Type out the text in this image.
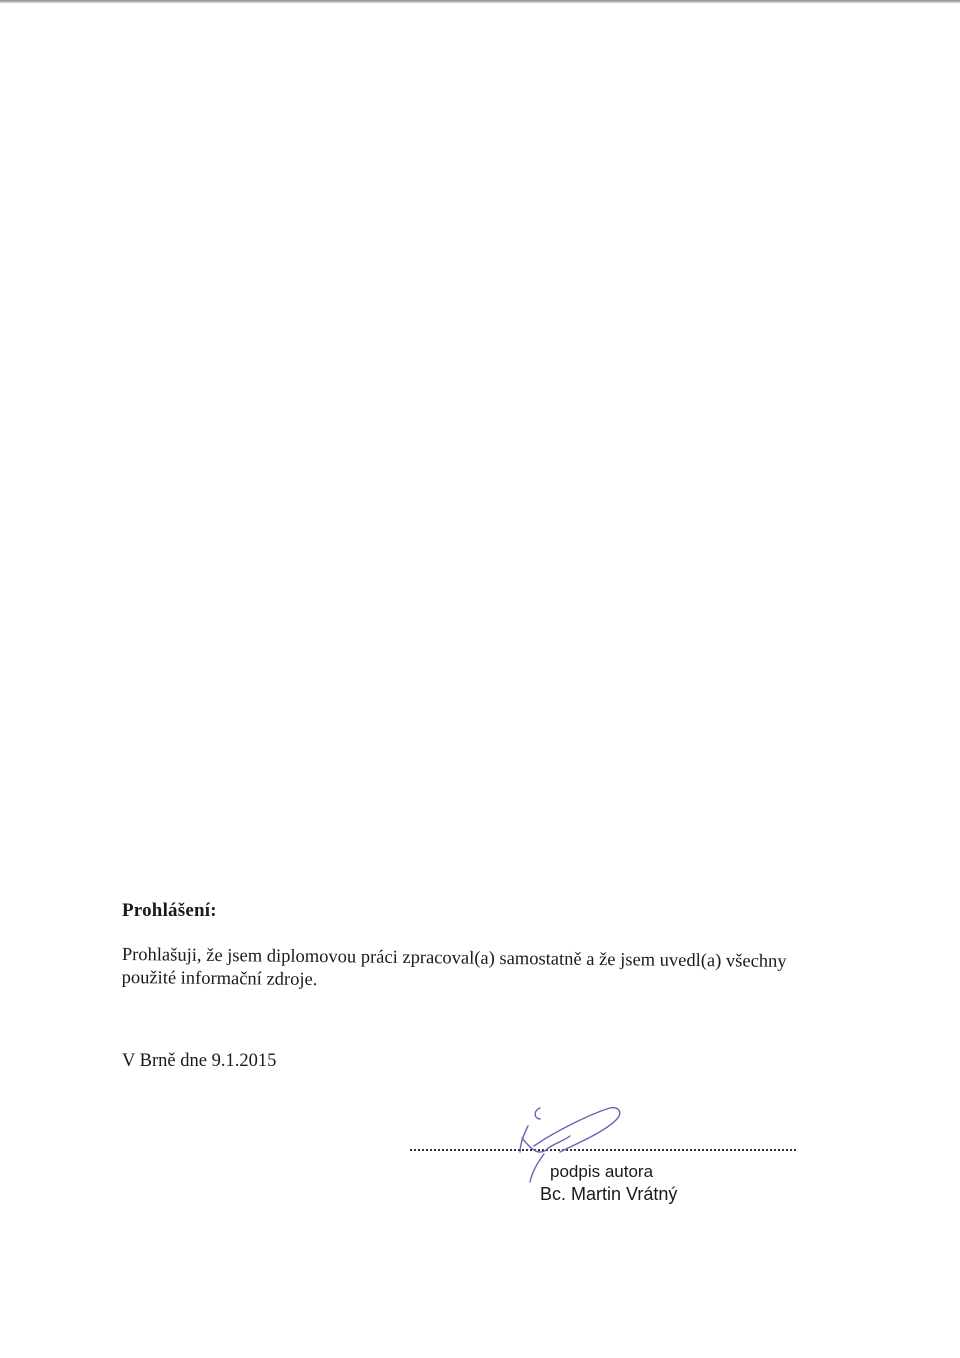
Prohlášení:
Prohlašuji, že jsem diplomovou práci zpracoval(a) samostatně a že jsem uvedl(a) všechny
použité informační zdroje.
V Brně dne 9.1.2015
podpis autora
Bc. Martin Vrátný
